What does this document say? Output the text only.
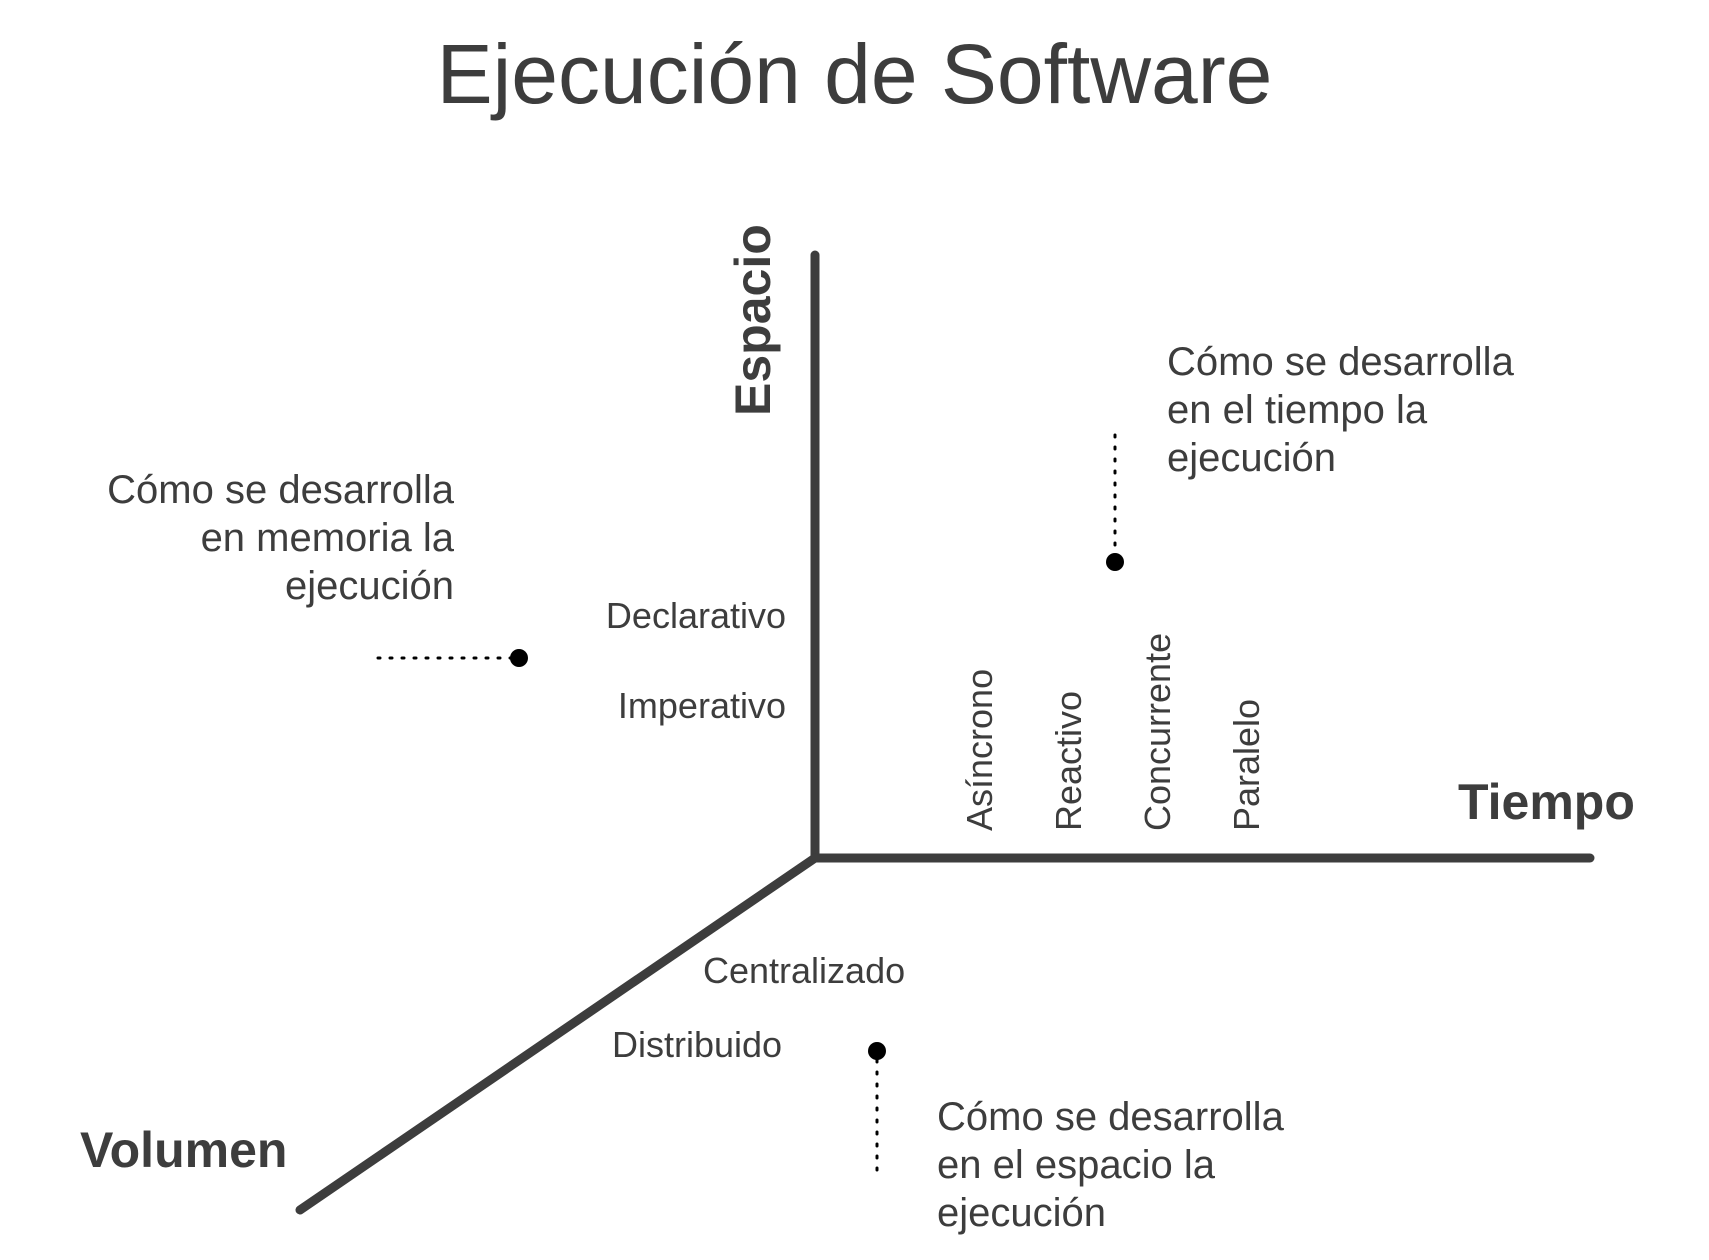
Ejecución de Software
Espacio
Tiempo
Volumen
Declarativo
Imperativo	Asíncrono Reactivo Concurrente Paralelo
Centralizado
Distribuido
Cómo se desarrolla
en memoria la
ejecución
Cómo se desarrolla
en el tiempo la
ejecución
Cómo se desarrolla
en el espacio la
ejecución
